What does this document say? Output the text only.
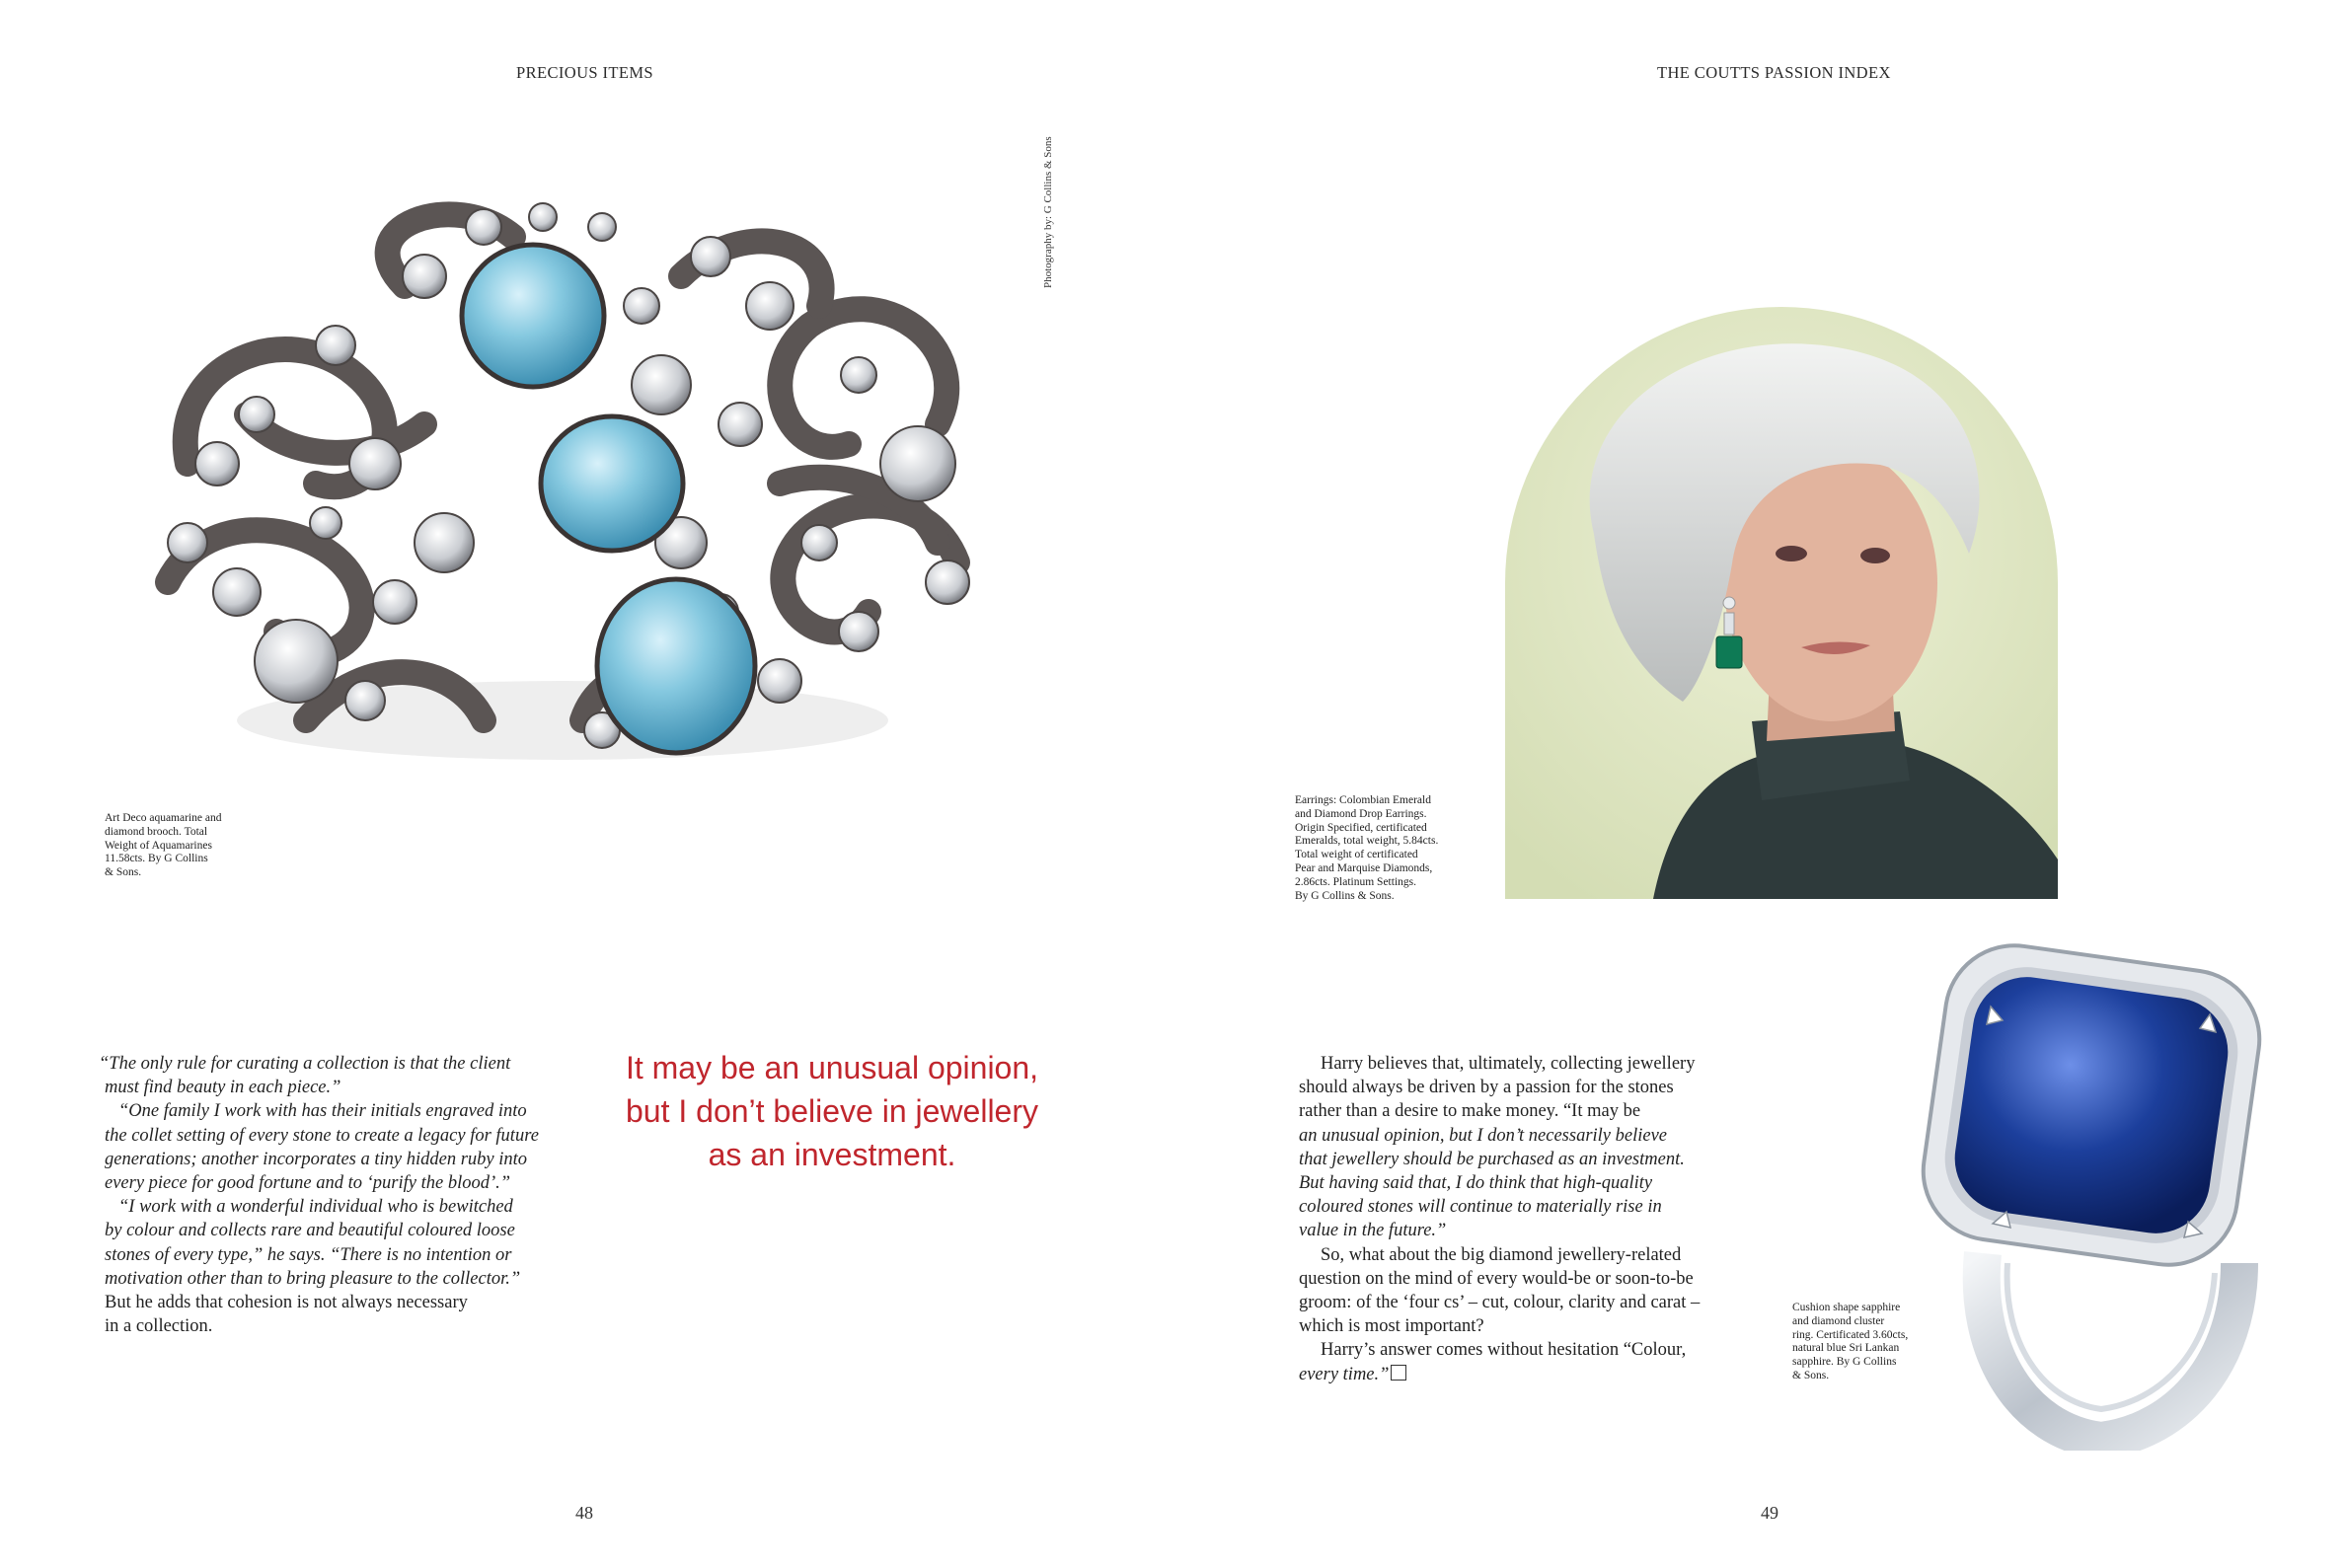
PRECIOUS ITEMS
Photography by: G Collins & Sons
Art Deco aquamarine and
diamond brooch. Total
Weight of Aquamarines
11.58cts. By G Collins
& Sons.
“The only rule for curating a collection is that the client
must find beauty in each piece.”
“One family I work with has their initials engraved into
the collet setting of every stone to create a legacy for future
generations; another incorporates a tiny hidden ruby into
every piece for good fortune and to ‘purify the blood’.”
“I work with a wonderful individual who is bewitched
by colour and collects rare and beautiful coloured loose
stones of every type,” he says. “There is no intention or
motivation other than to bring pleasure to the collector.”
But he adds that cohesion is not always necessary
in a collection.
It may be an unusual opinion,
but I don’t believe in jewellery
as an investment.
48
THE COUTTS PASSION INDEX
Earrings: Colombian Emerald
and Diamond Drop Earrings.
Origin Specified, certificated
Emeralds, total weight, 5.84cts.
Total weight of certificated
Pear and Marquise Diamonds,
2.86cts. Platinum Settings.
By G Collins & Sons.
Harry believes that, ultimately, collecting jewellery
should always be driven by a passion for the stones
rather than a desire to make money. “It may be
an unusual opinion, but I don’t necessarily believe
that jewellery should be purchased as an investment.
But having said that, I do think that high-quality
coloured stones will continue to materially rise in
value in the future.”
So, what about the big diamond jewellery-related
question on the mind of every would-be or soon-to-be
groom: of the ‘four cs’ – cut, colour, clarity and carat –
which is most important?
Harry’s answer comes without hesitation “Colour,
every time.”
Cushion shape sapphire
and diamond cluster
ring. Certificated 3.60cts,
natural blue Sri Lankan
sapphire. By G Collins
& Sons.
49
